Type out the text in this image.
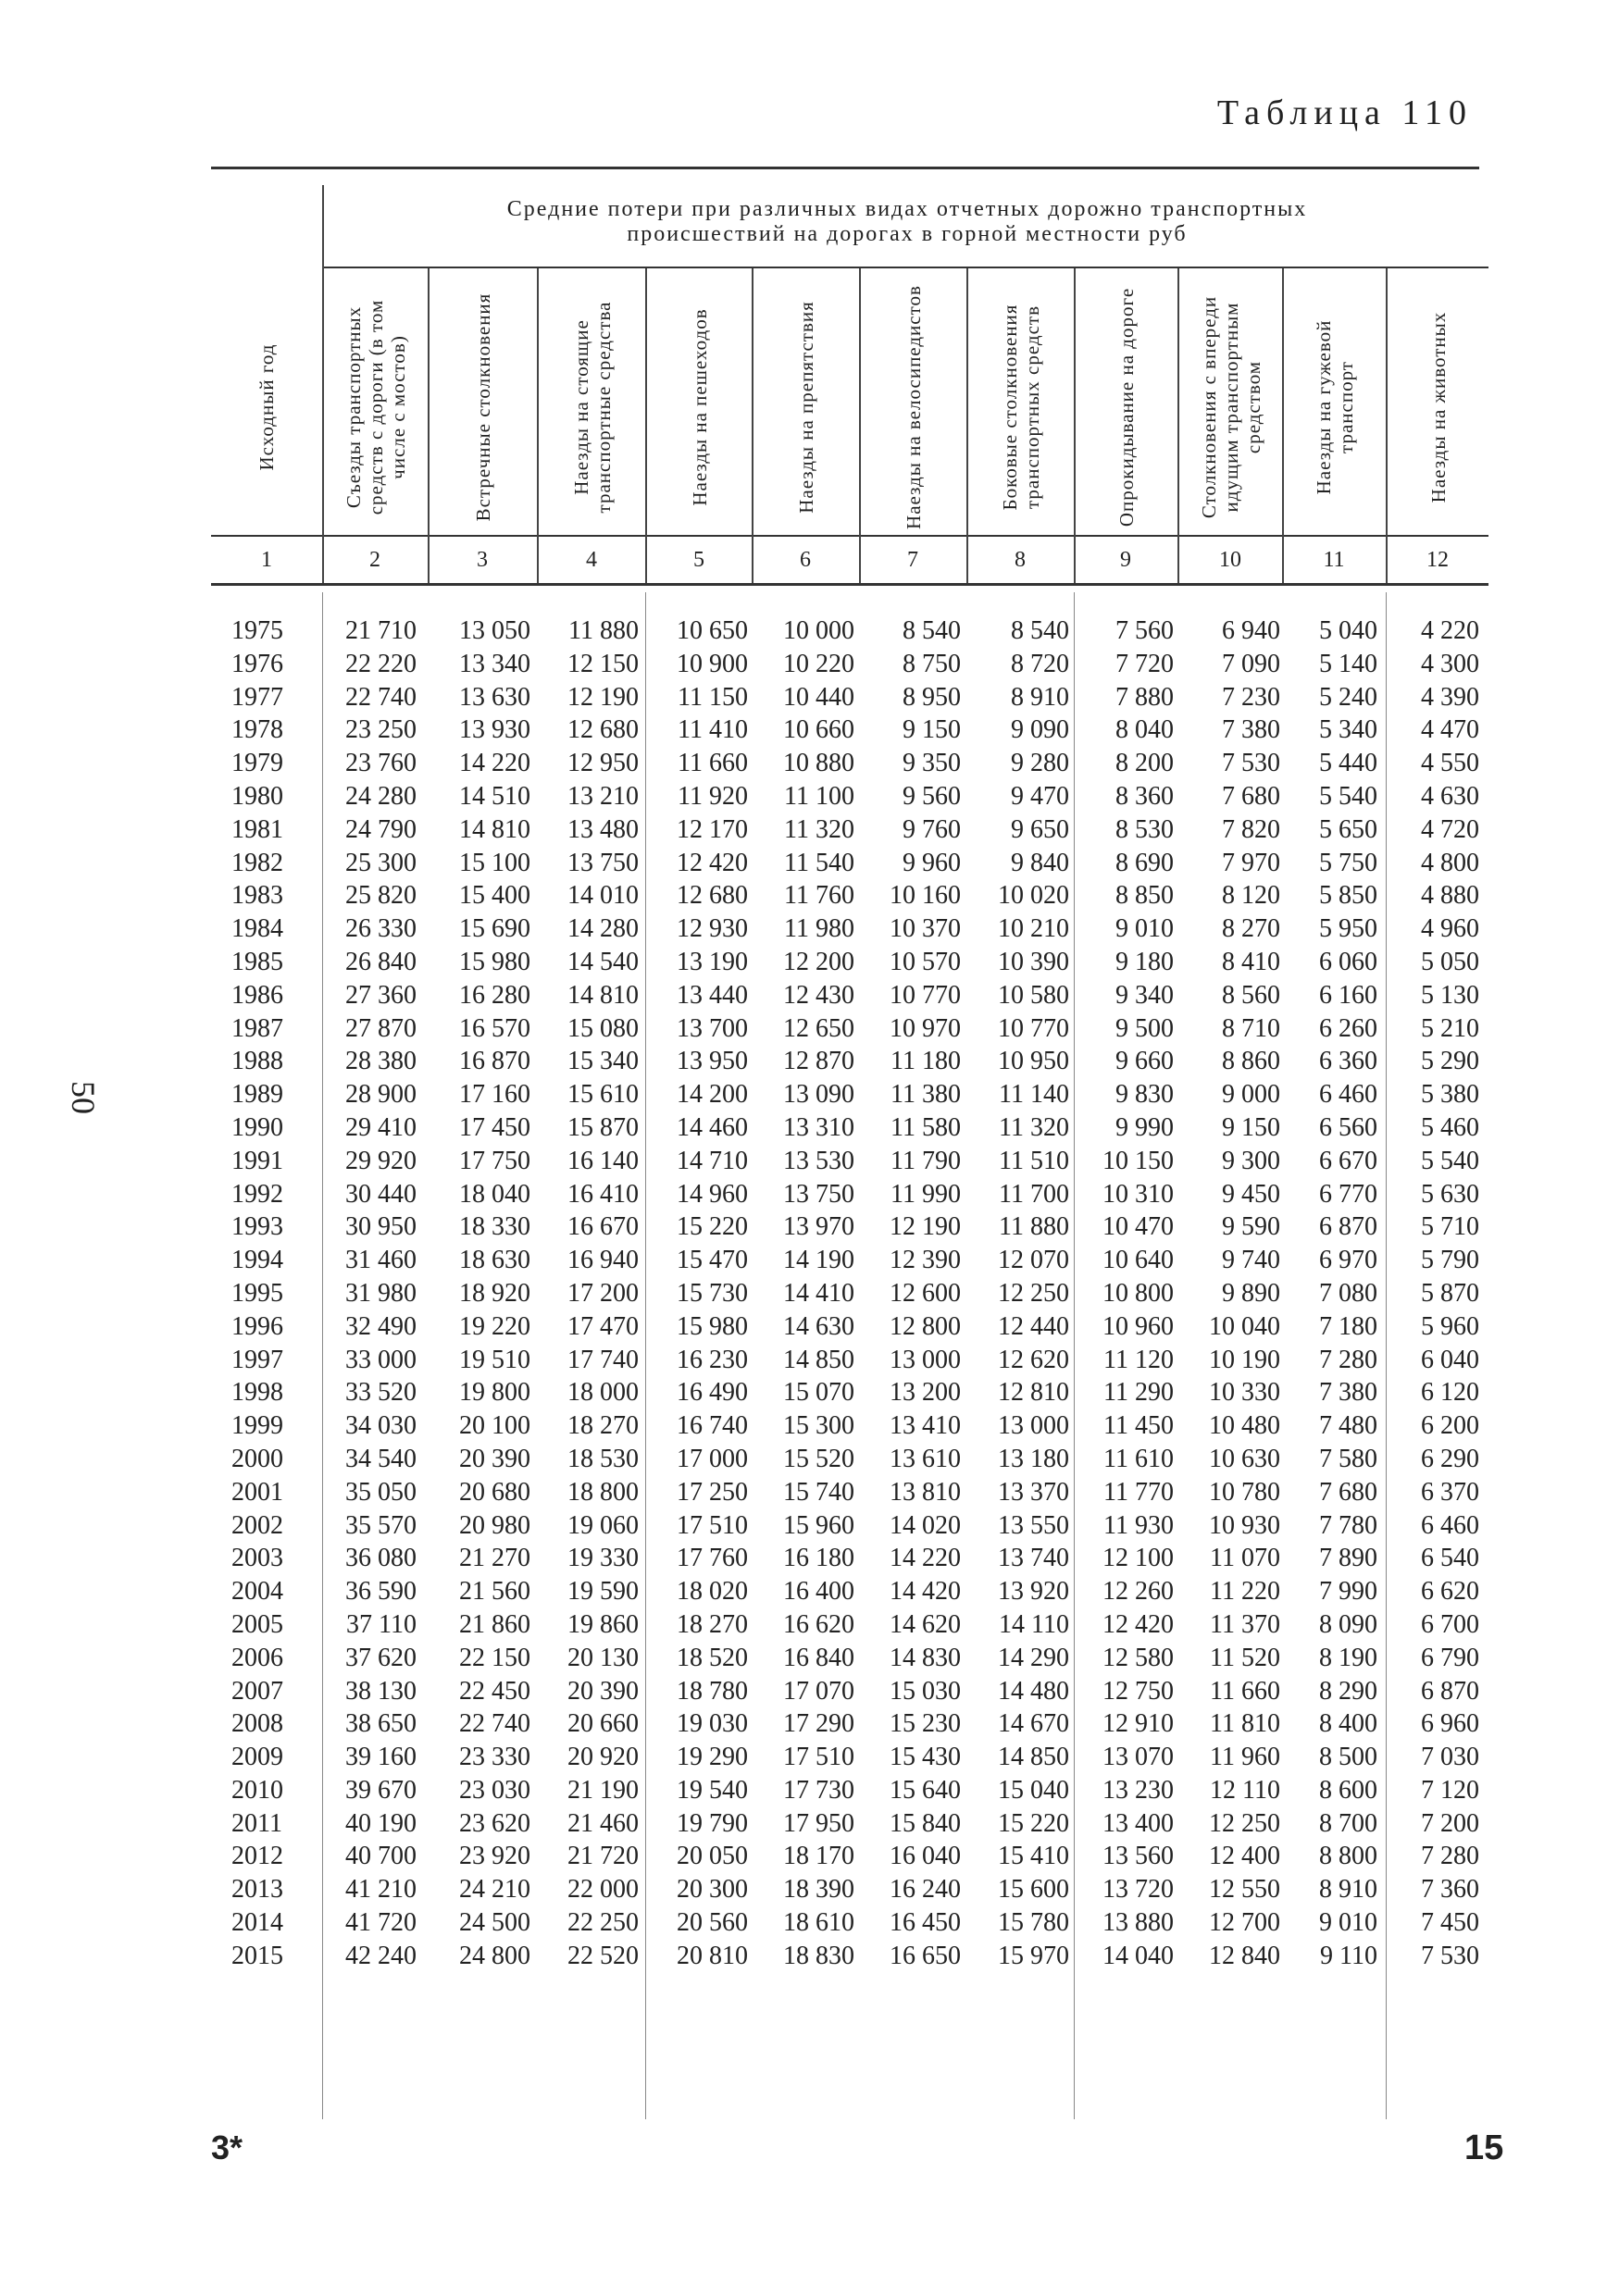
Таблица 110
50
Средние потери при различных видах отчетных дорожно транспортных
происшествий на дорогах в горной местности руб
Исходный год	Съезды транспортных средств с дороги (в том числе с мостов)	Встречные столкновения	Наезды на стоящие транспортные средства	Наезды на пешеходов	Наезды на препятствия	Наезды на велосипедистов	Боковые столкновения транспортных средств	Опрокидывание на дороге	Столкновения с впереди идущим транспортным средством	Наезды на гужевой транспорт	Наезды на животных
1	2	3	4	5	6	7	8	9	10	11	12
1975	21 710	13 050	11 880	10 650	10 000	8 540	8 540	7 560	6 940	5 040	4 220
1976	22 220	13 340	12 150	10 900	10 220	8 750	8 720	7 720	7 090	5 140	4 300
1977	22 740	13 630	12 190	11 150	10 440	8 950	8 910	7 880	7 230	5 240	4 390
1978	23 250	13 930	12 680	11 410	10 660	9 150	9 090	8 040	7 380	5 340	4 470
1979	23 760	14 220	12 950	11 660	10 880	9 350	9 280	8 200	7 530	5 440	4 550
1980	24 280	14 510	13 210	11 920	11 100	9 560	9 470	8 360	7 680	5 540	4 630
1981	24 790	14 810	13 480	12 170	11 320	9 760	9 650	8 530	7 820	5 650	4 720
1982	25 300	15 100	13 750	12 420	11 540	9 960	9 840	8 690	7 970	5 750	4 800
1983	25 820	15 400	14 010	12 680	11 760	10 160	10 020	8 850	8 120	5 850	4 880
1984	26 330	15 690	14 280	12 930	11 980	10 370	10 210	9 010	8 270	5 950	4 960
1985	26 840	15 980	14 540	13 190	12 200	10 570	10 390	9 180	8 410	6 060	5 050
1986	27 360	16 280	14 810	13 440	12 430	10 770	10 580	9 340	8 560	6 160	5 130
1987	27 870	16 570	15 080	13 700	12 650	10 970	10 770	9 500	8 710	6 260	5 210
1988	28 380	16 870	15 340	13 950	12 870	11 180	10 950	9 660	8 860	6 360	5 290
1989	28 900	17 160	15 610	14 200	13 090	11 380	11 140	9 830	9 000	6 460	5 380
1990	29 410	17 450	15 870	14 460	13 310	11 580	11 320	9 990	9 150	6 560	5 460
1991	29 920	17 750	16 140	14 710	13 530	11 790	11 510	10 150	9 300	6 670	5 540
1992	30 440	18 040	16 410	14 960	13 750	11 990	11 700	10 310	9 450	6 770	5 630
1993	30 950	18 330	16 670	15 220	13 970	12 190	11 880	10 470	9 590	6 870	5 710
1994	31 460	18 630	16 940	15 470	14 190	12 390	12 070	10 640	9 740	6 970	5 790
1995	31 980	18 920	17 200	15 730	14 410	12 600	12 250	10 800	9 890	7 080	5 870
1996	32 490	19 220	17 470	15 980	14 630	12 800	12 440	10 960	10 040	7 180	5 960
1997	33 000	19 510	17 740	16 230	14 850	13 000	12 620	11 120	10 190	7 280	6 040
1998	33 520	19 800	18 000	16 490	15 070	13 200	12 810	11 290	10 330	7 380	6 120
1999	34 030	20 100	18 270	16 740	15 300	13 410	13 000	11 450	10 480	7 480	6 200
2000	34 540	20 390	18 530	17 000	15 520	13 610	13 180	11 610	10 630	7 580	6 290
2001	35 050	20 680	18 800	17 250	15 740	13 810	13 370	11 770	10 780	7 680	6 370
2002	35 570	20 980	19 060	17 510	15 960	14 020	13 550	11 930	10 930	7 780	6 460
2003	36 080	21 270	19 330	17 760	16 180	14 220	13 740	12 100	11 070	7 890	6 540
2004	36 590	21 560	19 590	18 020	16 400	14 420	13 920	12 260	11 220	7 990	6 620
2005	37 110	21 860	19 860	18 270	16 620	14 620	14 110	12 420	11 370	8 090	6 700
2006	37 620	22 150	20 130	18 520	16 840	14 830	14 290	12 580	11 520	8 190	6 790
2007	38 130	22 450	20 390	18 780	17 070	15 030	14 480	12 750	11 660	8 290	6 870
2008	38 650	22 740	20 660	19 030	17 290	15 230	14 670	12 910	11 810	8 400	6 960
2009	39 160	23 330	20 920	19 290	17 510	15 430	14 850	13 070	11 960	8 500	7 030
2010	39 670	23 030	21 190	19 540	17 730	15 640	15 040	13 230	12 110	8 600	7 120
2011	40 190	23 620	21 460	19 790	17 950	15 840	15 220	13 400	12 250	8 700	7 200
2012	40 700	23 920	21 720	20 050	18 170	16 040	15 410	13 560	12 400	8 800	7 280
2013	41 210	24 210	22 000	20 300	18 390	16 240	15 600	13 720	12 550	8 910	7 360
2014	41 720	24 500	22 250	20 560	18 610	16 450	15 780	13 880	12 700	9 010	7 450
2015	42 240	24 800	22 520	20 810	18 830	16 650	15 970	14 040	12 840	9 110	7 530
3*	15
